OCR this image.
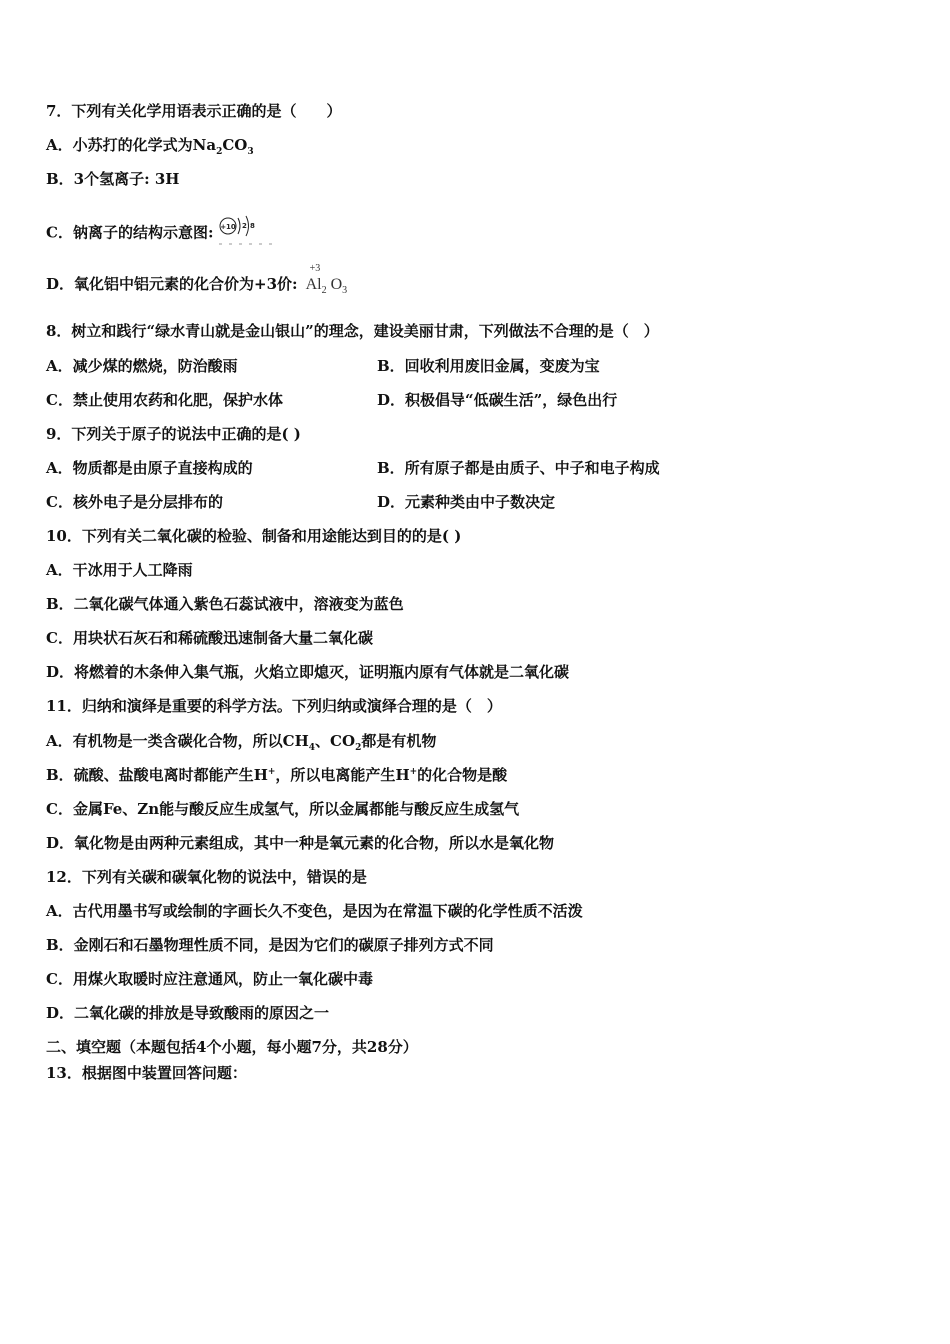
7．下列有关化学用语表示正确的是（　　）
A．小苏打的化学式为$Na_2CO_3$
B．3个氢离子: 3H
C．钠离子的结构示意图: +10 2 8
D．氧化铝中铝元素的化合价为+3价:
+3
$Al_2$ $O_3$
8．树立和践行“绿水青山就是金山银山”的理念，建设美丽甘肃，下列做法不合理的是（　）
A．减少煤的燃烧，防治酸雨	B．回收利用废旧金属，变废为宝
C．禁止使用农药和化肥，保护水体	D．积极倡导“低碳生活”，绿色出行
9．下列关于原子的说法中正确的是( )
A．物质都是由原子直接构成的	B．所有原子都是由质子、中子和电子构成
C．核外电子是分层排布的	D．元素种类由中子数决定
10．下列有关二氧化碳的检验、制备和用途能达到目的的是( )
A．干冰用于人工降雨
B．二氧化碳气体通入紫色石蕊试液中，溶液变为蓝色
C．用块状石灰石和稀硫酸迅速制备大量二氧化碳
D．将燃着的木条伸入集气瓶，火焰立即熄灭，证明瓶内原有气体就是二氧化碳
11．归纳和演绎是重要的科学方法。下列归纳或演绎合理的是（　）
A．有机物是一类含碳化合物，所以$CH_4$、$CO_2$都是有机物
B．硫酸、盐酸电离时都能产生H+，所以电离能产生H+的化合物是酸
C．金属Fe、Zn能与酸反应生成氢气，所以金属都能与酸反应生成氢气
D．氧化物是由两种元素组成，其中一种是氧元素的化合物，所以水是氧化物
12．下列有关碳和碳氧化物的说法中，错误的是
A．古代用墨书写或绘制的字画长久不变色，是因为在常温下碳的化学性质不活泼
B．金刚石和石墨物理性质不同，是因为它们的碳原子排列方式不同
C．用煤火取暖时应注意通风，防止一氧化碳中毒
D．二氧化碳的排放是导致酸雨的原因之一
二、填空题（本题包括4个小题，每小题7分，共28分）
13．根据图中装置回答问题：
